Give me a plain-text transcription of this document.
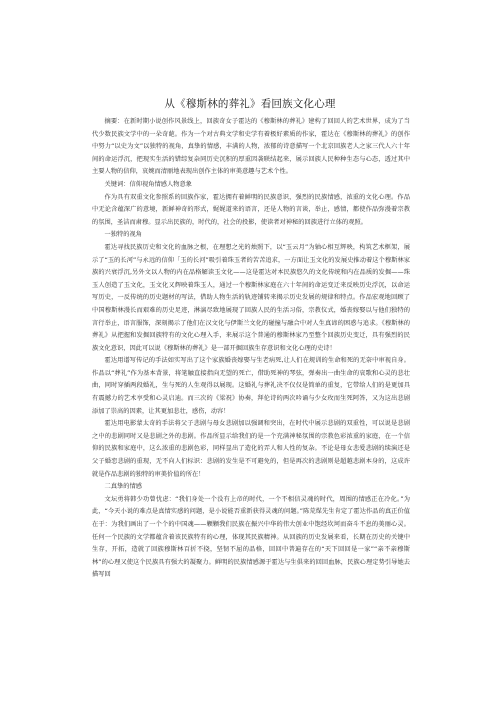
从《穆斯林的葬礼》看回族文化心理

摘要：在新时期小说创作风景线上，回族奇女子霍达的《穆斯林的葬礼》建构了回回人的艺术世界，成为了当代少数民族文学中的一朵奇葩。作为一个对古典文学和史学有着极好素质的作家，霍达在《穆斯林的葬礼》的创作中努力“以史为文”以独特的视角，真挚的情感，丰满的人物，浓郁的诗意描写一个北京回族老人之家三代人六十年间的命运浮沉，把现实生活的错综复杂同历史沉积的厚重因袭联结起来，展示回族人民种种生态与心态，透过其中主要人物的信仰，哀婉而清丽地表现出创作主体的审美意趣与艺术个性。

关键词：信仰视角情感人物意象

作为具有双重文化参照系的回族作家，霍达拥有着鲜明的民族意识，强烈的民族情感，浓重的文化心理。作品中无论含蕴深广的意境，新鲜神奇的形式，娓娓道来的语言，还是人物的言谈，举止，感情，都使作品弥漫着宗教的氛围，圣洁而肃穆。显示出民族的，时代的，社会的投影，使读者对神秘的回族进行立体的观照。

一独特的视角

霍达寻找民族历史和文化的血脉之根，在理想之光的烛照下，以“玉云月”为轴心相互辉映，构筑艺术框架，展示了“玉的长河”与永远的信仰「玉的长河”吸引着珠玉者的苦苦追求，一方面让玉文化的发展史推动着这个穆斯林家族的兴衰浮沉,另外文以人物的内在品格解读玉文化——这是霍达对本民族悠久的文化传统和内在品质的发掘——珠玉人创造了玉文化，玉文化又辉映着珠玉人，通过一个穆斯林家庭在六十年间的命运变迁来反映历史浮沉，以命运写历史，一反传统的历史题材的写法，借助人物生活的轨迹铺转来揭示历史发展的规律和特点。作品宏观地回顾了中国穆斯林漫长而艰难的历史足迹，淋漓尽致地展现了回族人民的生活习俗，宗教仪式，婚丧嫁娶以与他们独特的言行举止，语言服饰，深刻揭示了他们在汉文化与伊斯兰文化的碰撞与融合中对人生真谛的困惑与追求。《穆斯林的葬礼》从把握和发掘回族特有的文化心理入手，来展示这个普通的穆斯林家乃至整个回族历史变迁，具有强烈的民族文化意识，因此可以说《穆斯林的葬礼》是一部开掘回族生存意识和文化心理的史诗！

霍达用谱写传记的手法如实写出了这个家族婚丧嫁娶与生老病死,让人们在规训的生命和死的无奈中审视自身。作品以“葬礼”作为基本背景，将笔触直接指向无望的死亡，借助死神的琴弦，弹奏出一曲生命的哀歌和心灵的悲壮曲，同时穿插两段婚礼，生与死的人生观得以展现。这婚礼与葬礼决不仅仅是简单的重复，它带给人们的是更加具有震撼力的艺术享受和心灵启迪。而三次的《梁祝》协奏，拜伦诗的两次吟诵与少女玫而生死阿答，又为这出悲剧添加了崇高的因素，让其更加悲壮，感伤，动容！

霍达用电影蒙太奇的手法将父子悲剧与母女悲剧加以强调和突出，在时代中展示悲剧的双重性，可以说是悲剧之中的悲剧同时又是悲剧之外的悲剧。作品所显示给我们的是一个充满神秘氛围的宗教色彩浓重的家庭，在一个信仰的民族和家庭中，这么浓重的悲剧色彩，同样显出了造化的弄人和人性的复杂。不论是母女悲爱悲剧的续演还是父子婚恋悲剧的重现，无不向人们标识：悲剧的发生是不可避免的，但是再次的悲剧则是超越悲剧本身的，这成许就是作品悲剧的独特的审美价值的所在！

二真挚的情感

文坛勇将韩少功曾忧虑：“我们身处一个没有上帝的时代，一个不相信灵魂的时代，周围的情感正在冷化。”为此，“今天小说的难点是真情实感的问题，是小说能否重新获得灵魂的问题。”陈荒煤先生肯定了霍达作品的真正价值在于：为我们画出了一个个的中国魂——颗颗我们民族在振兴中华的伟大创业中饱经坎坷而奋斗不息的美丽心灵。任何一个民族的文学都蕴含着该民族特有的心理，体现其民族精神。从回族的历史发展来看，长期在历史的关键中生存，开拓，造就了回族穆斯林百折不挠，坚韧不屈的品格，回回中普遍存在的“天下回回是一家”“亲不亲穆斯林”的心理又使这个民族具有强大的凝聚力。鲜明的民族情感源于霍达与生俱来的回回血脉，民族心理定势引导她去描写回
